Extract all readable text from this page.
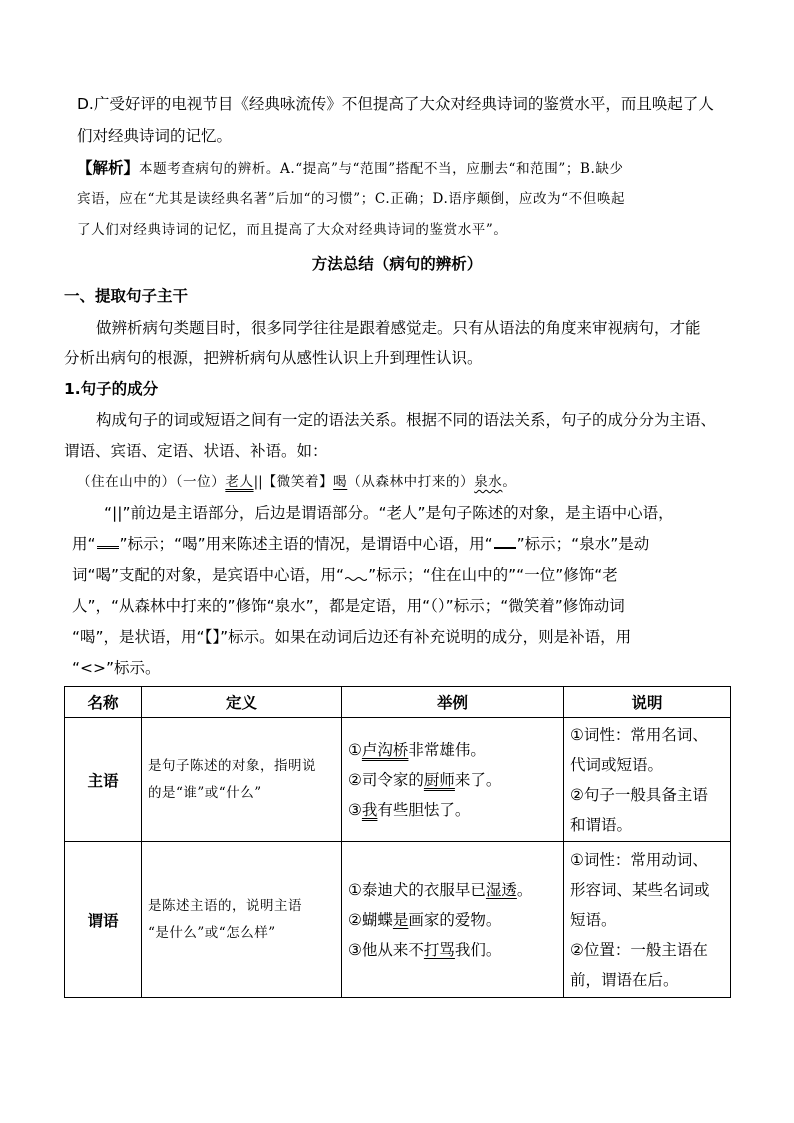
D.广受好评的电视节目《经典咏流传》不但提高了大众对经典诗词的鉴赏水平，而且唤起了人
们对经典诗词的记忆。
【解析】本题考查病句的辨析。A.“提高”与“范围”搭配不当，应删去“和范围”；B.缺少
宾语，应在“尤其是读经典名著”后加“的习惯”；C.正确；D.语序颠倒，应改为“不但唤起
了人们对经典诗词的记忆，而且提高了大众对经典诗词的鉴赏水平”。
方法总结（病句的辨析）
一、提取句子主干
做辨析病句类题目时，很多同学往往是跟着感觉走。只有从语法的角度来审视病句，才能
分析出病句的根源，把辨析病句从感性认识上升到理性认识。
1.句子的成分
构成句子的词或短语之间有一定的语法关系。根据不同的语法关系，句子的成分分为主语、
谓语、宾语、定语、状语、补语。如：
（住在山中的）（一位）老人||【微笑着】喝（从森林中打来的）泉水。
“||”前边是主语部分，后边是谓语部分。“老人”是句子陈述的对象，是主语中心语，
用“ ”标示；“喝”用来陈述主语的情况，是谓语中心语，用“ ”标示；“泉水”是动
词“喝”支配的对象，是宾语中心语，用“ ”标示；“住在山中的”“一位”修饰“老
人”，“从森林中打来的”修饰“泉水”，都是定语，用“（）”标示；“微笑着”修饰动词
“喝”，是状语，用“【】”标示。如果在动词后边还有补充说明的成分，则是补语，用
“<>”标示。
名称	定义	举例	说明
主语	是句子陈述的对象，指明说
的是“谁”或“什么”	①卢沟桥非常雄伟。
②司令家的厨师来了。
③我有些胆怯了。	①词性：常用名词、
代词或短语。
②句子一般具备主语
和谓语。

谓语	是陈述主语的，说明主语
“是什么”或“怎么样”	①泰迪犬的衣服早已湿透。
②蝴蝶是画家的爱物。
③他从来不打骂我们。	①词性：常用动词、
形容词、某些名词或
短语。
②位置：一般主语在
前，谓语在后。
